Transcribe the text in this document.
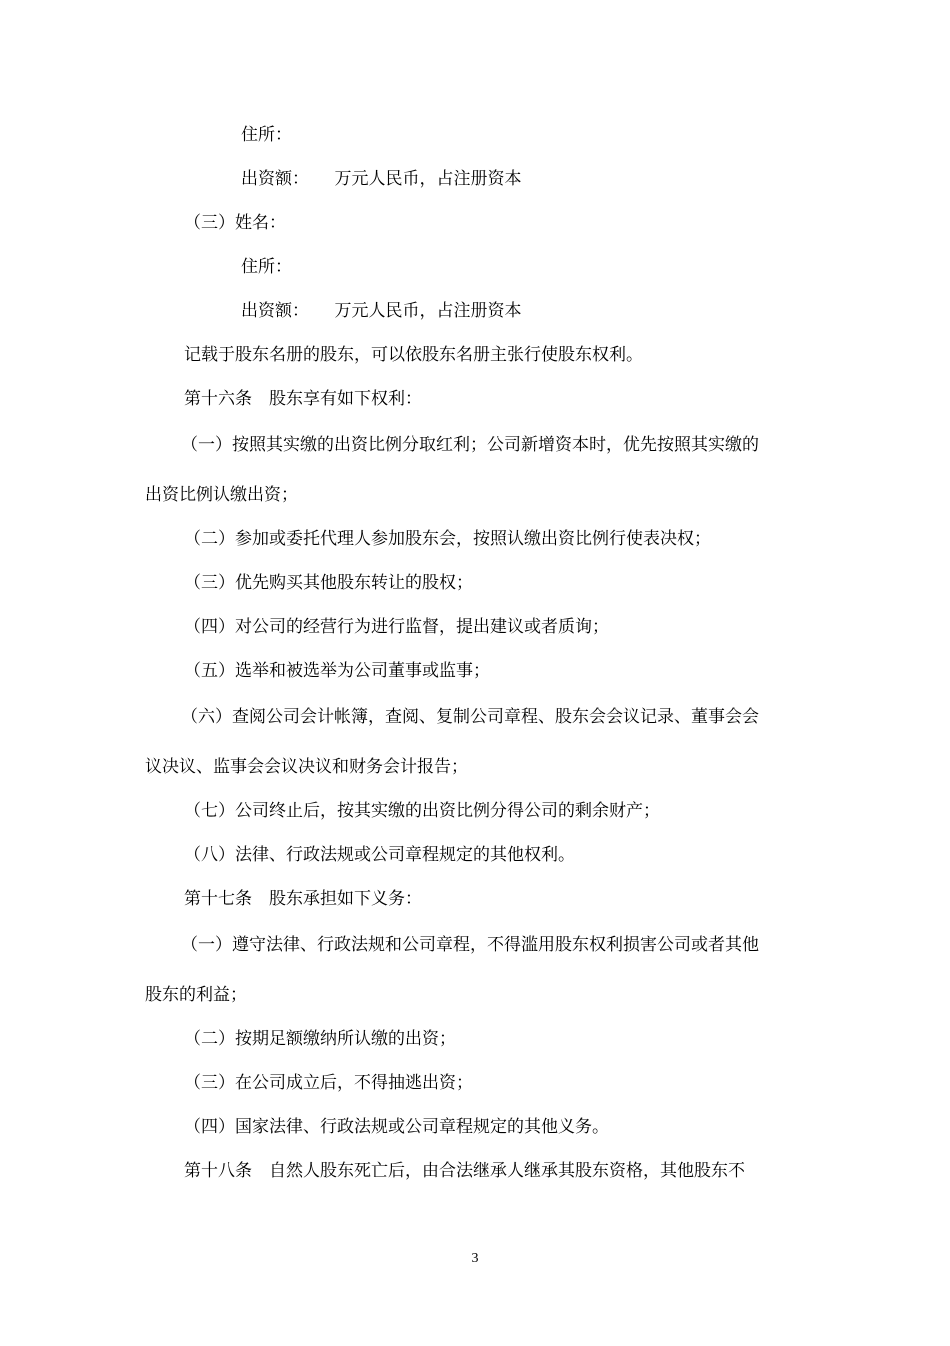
住所：
出资额：　　万元人民币，占注册资本
（三）姓名：
住所：
出资额：　　万元人民币，占注册资本
记载于股东名册的股东，可以依股东名册主张行使股东权利。
第十六条　股东享有如下权利：
（一）按照其实缴的出资比例分取红利；公司新增资本时，优先按照其实缴的
出资比例认缴出资；
（二）参加或委托代理人参加股东会，按照认缴出资比例行使表决权；
（三）优先购买其他股东转让的股权；
（四）对公司的经营行为进行监督，提出建议或者质询；
（五）选举和被选举为公司董事或监事；
（六）查阅公司会计帐簿，查阅、复制公司章程、股东会会议记录、董事会会
议决议、监事会会议决议和财务会计报告；
（七）公司终止后，按其实缴的出资比例分得公司的剩余财产；
（八）法律、行政法规或公司章程规定的其他权利。
第十七条　股东承担如下义务：
（一）遵守法律、行政法规和公司章程，不得滥用股东权利损害公司或者其他
股东的利益；
（二）按期足额缴纳所认缴的出资；
（三）在公司成立后，不得抽逃出资；
（四）国家法律、行政法规或公司章程规定的其他义务。
第十八条　自然人股东死亡后，由合法继承人继承其股东资格，其他股东不
3
